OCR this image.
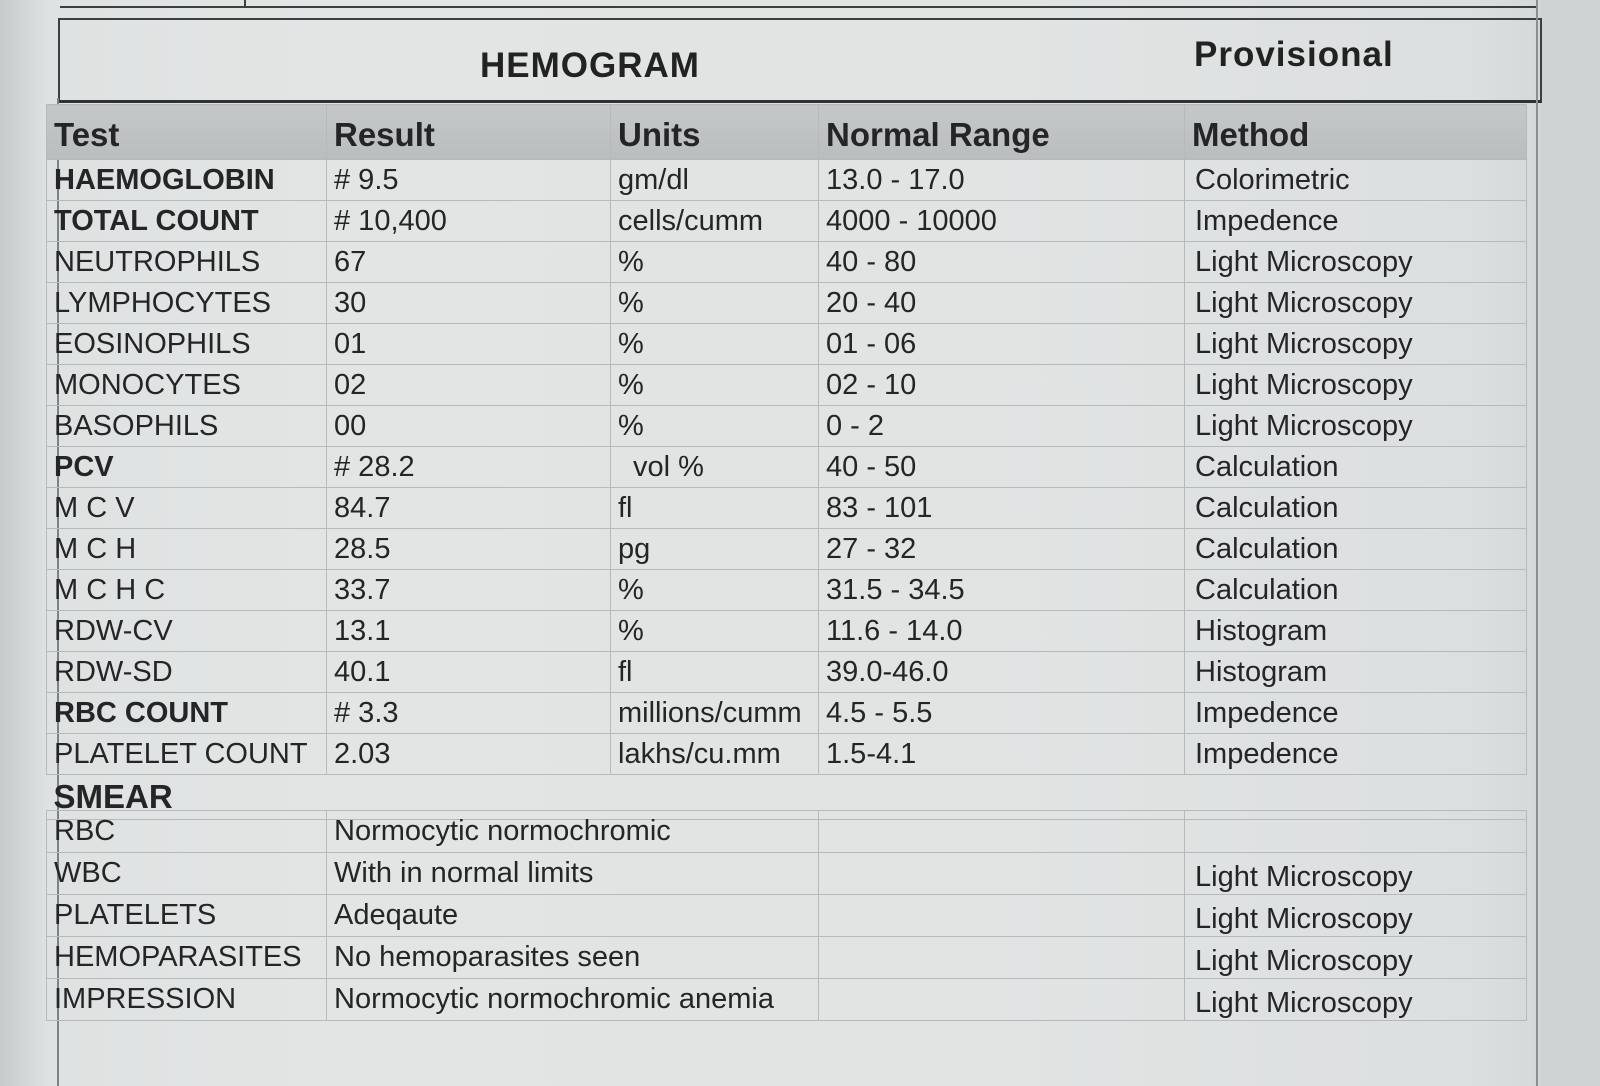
HEMOGRAM	Provisional
Test	Result	Units	Normal Range	Method
HAEMOGLOBIN	# 9.5	gm/dl	13.0 - 17.0	Colorimetric
TOTAL COUNT	# 10,400	cells/cumm	4000 - 10000	Impedence
NEUTROPHILS	67	%	40 - 80	Light Microscopy
LYMPHOCYTES	30	%	20 - 40	Light Microscopy
EOSINOPHILS	01	%	01 - 06	Light Microscopy
MONOCYTES	02	%	02 - 10	Light Microscopy
BASOPHILS	00	%	0 - 2	Light Microscopy
PCV	# 28.2	vol %	40 - 50	Calculation
M C V	84.7	fl	83 - 101	Calculation
M C H	28.5	pg	27 - 32	Calculation
M C H C	33.7	%	31.5 - 34.5	Calculation
RDW-CV	13.1	%	11.6 - 14.0	Histogram
RDW-SD	40.1	fl	39.0-46.0	Histogram
RBC COUNT	# 3.3	millions/cumm	4.5 - 5.5	Impedence
PLATELET COUNT	2.03	lakhs/cu.mm	1.5-4.1	Impedence
SMEAR				
RBC	Normocytic normochromic		
WBC	With in normal limits		Light Microscopy
PLATELETS	Adeqaute		Light Microscopy
HEMOPARASITES	No hemoparasites seen		Light Microscopy
IMPRESSION	Normocytic normochromic anemia		Light Microscopy
